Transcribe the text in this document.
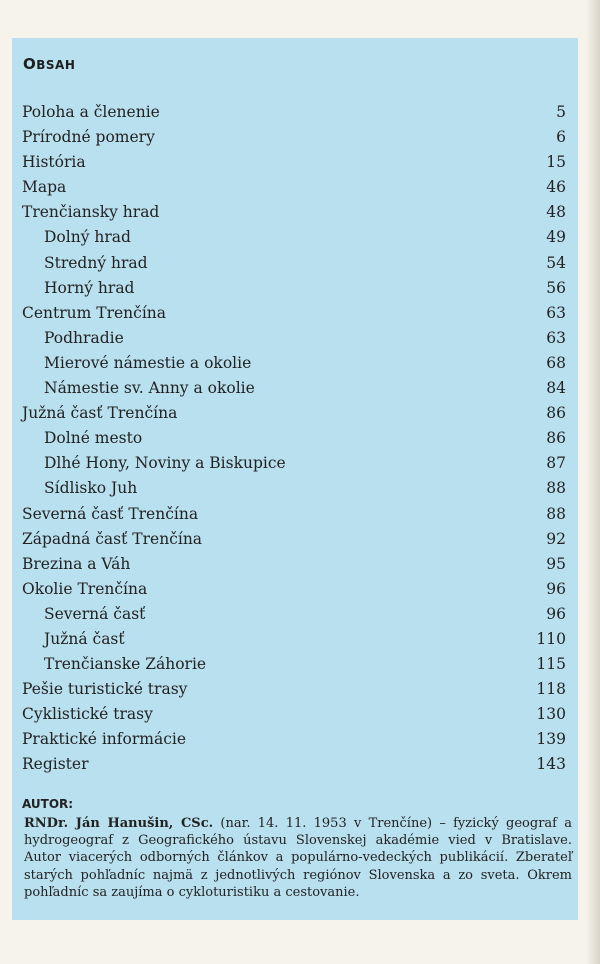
OBSAH
Poloha a členenie	5
Prírodné pomery	6
História	15
Mapa	46
Trenčiansky hrad	48
Dolný hrad	49
Stredný hrad	54
Horný hrad	56
Centrum Trenčína	63
Podhradie	63
Mierové námestie a okolie	68
Námestie sv. Anny a okolie	84
Južná časť Trenčína	86
Dolné mesto	86
Dlhé Hony, Noviny a Biskupice	87
Sídlisko Juh	88
Severná časť Trenčína	88
Západná časť Trenčína	92
Brezina a Váh	95
Okolie Trenčína	96
Severná časť	96
Južná časť	110
Trenčianske Záhorie	115
Pešie turistické trasy	118
Cyklistické trasy	130
Praktické informácie	139
Register	143
AUTOR:
RNDr. Ján Hanušin, CSc. (nar. 14. 11. 1953 v Trenčíne) – fyzický geograf a hydrogeograf z Geografického ústavu Slovenskej akadémie vied v Bratislave. Autor viacerých odborných článkov a populárno-vedeckých publikácií. Zberateľ starých pohľadníc najmä z jednotlivých regiónov Slovenska a zo sveta. Okrem pohľadníc sa zaujíma o cykloturistiku a cestovanie.
